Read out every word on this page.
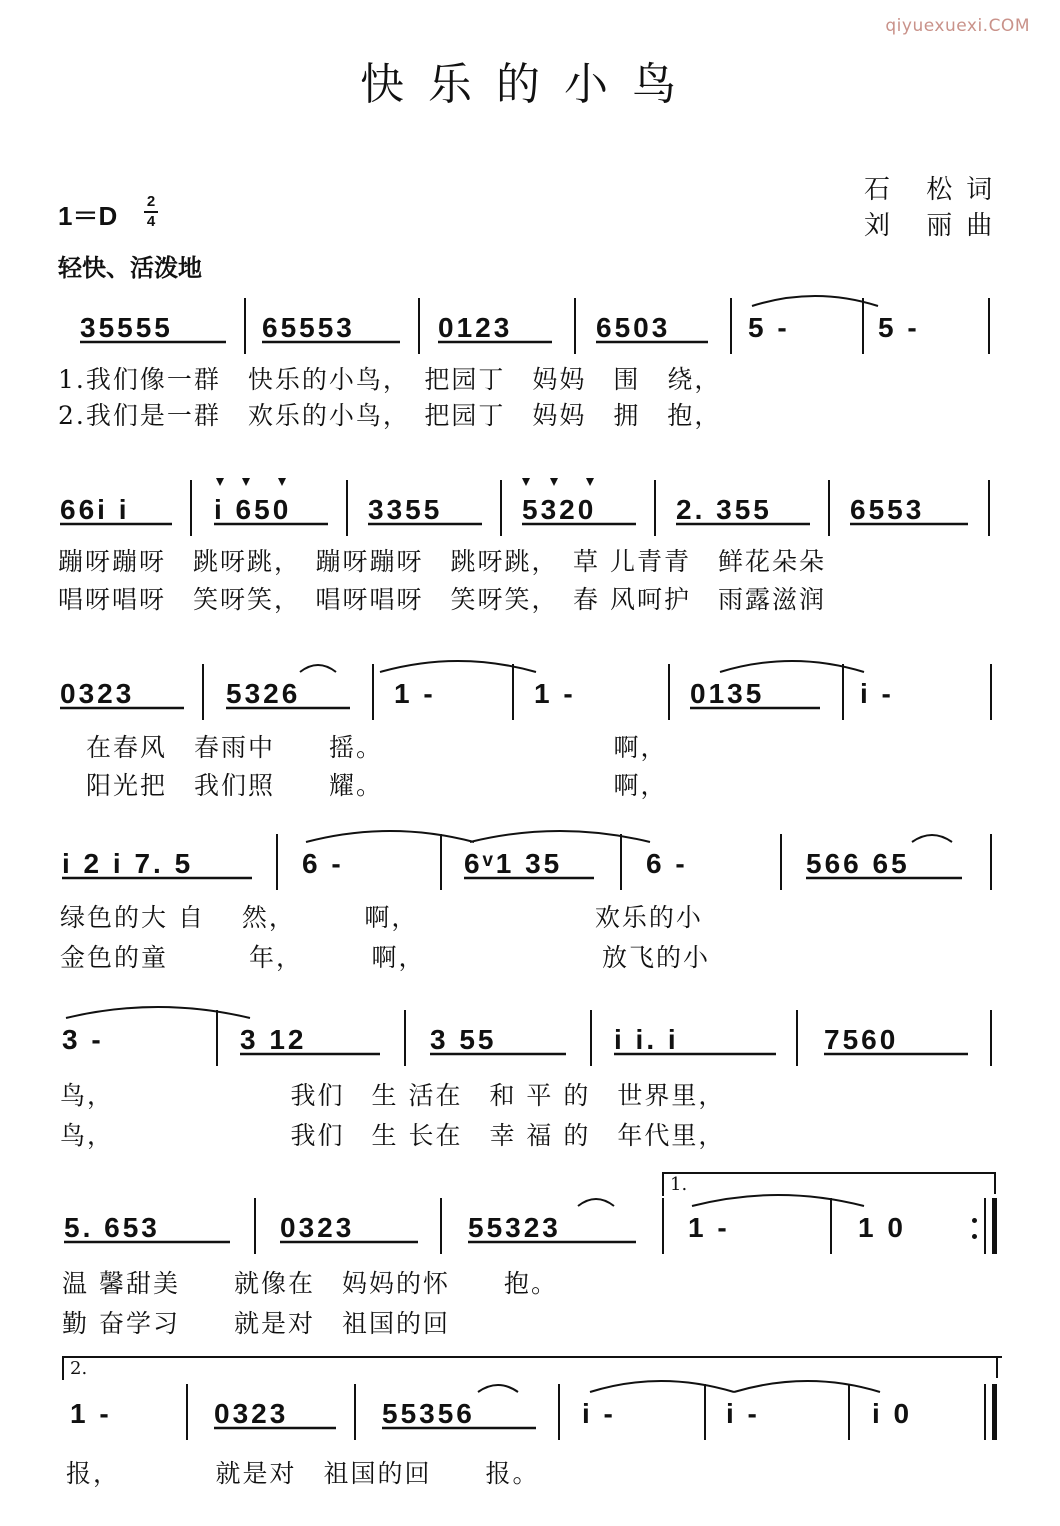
qiyuexuexi.COM
快乐的小鸟
石 松词
刘 丽曲
1＝D 2
4
轻快、活泼地
35555	65553	0123	6503	5 -	5 -
1.我们像一群　快乐的小鸟，　把园丁　妈妈　围　绕，
2.我们是一群　欢乐的小鸟，　把园丁　妈妈　拥　抱，
66i i	i 650	3355	5320	2. 355	6553
蹦呀蹦呀　跳呀跳，　蹦呀蹦呀　跳呀跳，　草 儿青青　鲜花朵朵
唱呀唱呀　笑呀笑，　唱呀唱呀　笑呀笑，　春 风呵护　雨露滋润
0323	5326	1 -	1 -	0135	i -
在春风　春雨中　　摇。　　　　　　　　　啊，
阳光把　我们照　　耀。　　　　　　　　　啊，
i 2 i 7. 5	6 -	6ᵛ1 35	6 -	566 65
绿色的大 自　 然，　　　啊，　　　　　　　欢乐的小
金色的童　　　年，　　　啊，　　　　　　　放飞的小
3 -	3 12	3 55	i i. i	7560
鸟，　　　　　　　我们　生 活在　和 平 的　世界里，
鸟，　　　　　　　我们　生 长在　幸 福 的　年代里，
1.
5. 653	0323	55323	1 -	1 0
温 馨甜美　　就像在　妈妈的怀　　抱。
勤 奋学习　　就是对　祖国的回
2.
1 -	0323	55356	i -	i -	i 0
报，　　　　就是对　祖国的回　　报。
